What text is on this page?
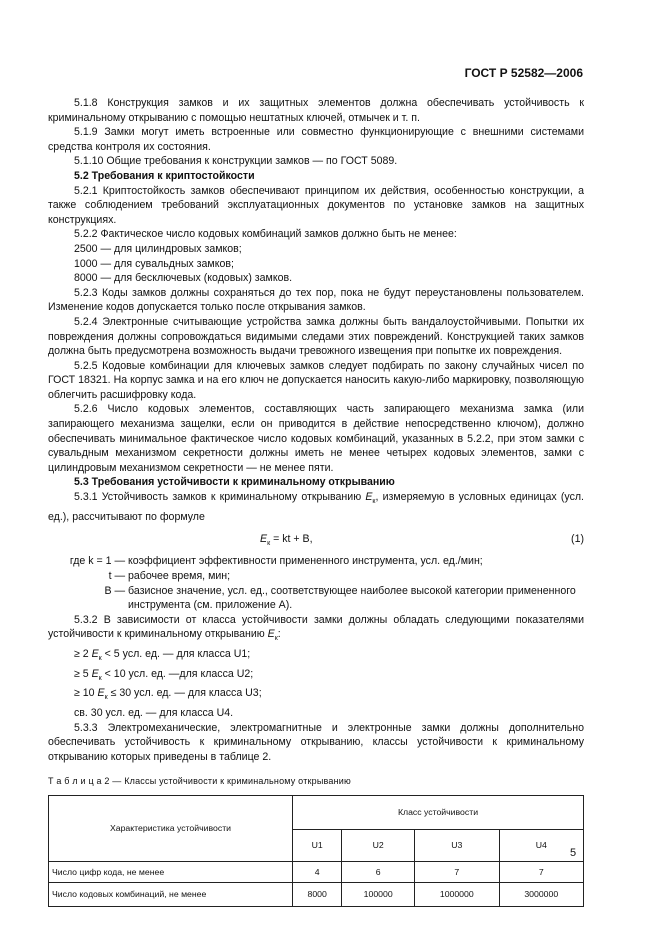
ГОСТ Р 52582—2006

5.1.8 Конструкция замков и их защитных элементов должна обеспечивать устойчивость к криминальному открыванию с помощью нештатных ключей, отмычек и т. п.

5.1.9 Замки могут иметь встроенные или совместно функционирующие с внешними системами средства контроля их состояния.

5.1.10 Общие требования к конструкции замков — по ГОСТ 5089.

5.2 Требования к криптостойкости

5.2.1 Криптостойкость замков обеспечивают принципом их действия, особенностью конструкции, а также соблюдением требований эксплуатационных документов по установке замков на защитных конструкциях.

5.2.2 Фактическое число кодовых комбинаций замков должно быть не менее:

2500 — для цилиндровых замков;

1000 — для сувальдных замков;

8000 — для бесключевых (кодовых) замков.

5.2.3 Коды замков должны сохраняться до тех пор, пока не будут переустановлены пользователем. Изменение кодов допускается только после открывания замков.

5.2.4 Электронные считывающие устройства замка должны быть вандалоустойчивыми. Попытки их повреждения должны сопровождаться видимыми следами этих повреждений. Конструкцией таких замков должна быть предусмотрена возможность выдачи тревожного извещения при попытке их повреждения.

5.2.5 Кодовые комбинации для ключевых замков следует подбирать по закону случайных чисел по ГОСТ 18321. На корпус замка и на его ключ не допускается наносить какую-либо маркировку, позволяющую облегчить расшифровку кода.

5.2.6 Число кодовых элементов, составляющих часть запирающего механизма замка (или запирающего механизма защелки, если он приводится в действие непосредственно ключом), должно обеспечивать минимальное фактическое число кодовых комбинаций, указанных в 5.2.2, при этом замки с сувальдным механизмом секретности должны иметь не менее четырех кодовых элементов, замки с цилиндровым механизмом секретности — не менее пяти.

5.3 Требования устойчивости к криминальному открыванию

5.3.1 Устойчивость замков к криминальному открыванию $E_к$, измеряемую в условных единицах (усл. ед.), рассчитывают по формуле

$E_к$ = kt + B,	(1)
где k = 1 — коэффициент эффективности примененного инструмента, усл. ед./мин;
t — рабочее время, мин;
B — базисное значение, усл. ед., соответствующее наиболее высокой категории примененного инструмента (см. приложение А).

5.3.2 В зависимости от класса устойчивости замки должны обладать следующими показателями устойчивости к криминальному открыванию $E_к$:

≥ 2 $E_к < 5$ усл. ед. — для класса U1;

≥ 5 $E_к < 10$ усл. ед. —для класса U2;

≥ 10 $E_к \le 30$ усл. ед. — для класса U3;

св. 30 усл. ед. — для класса U4.

5.3.3 Электромеханические, электромагнитные и электронные замки должны дополнительно обеспечивать устойчивость к криминальному открыванию, классы устойчивости к криминальному открыванию которых приведены в таблице 2.

Т а б л и ц а 2 — Классы устойчивости к криминальному открыванию
Характеристика устойчивости	Класс устойчивости			
	U1	U2	U3	U4
Число цифр кода, не менее	4	6	7	7
Число кодовых комбинаций, не менее	8000	100000	1000000	3000000
5
